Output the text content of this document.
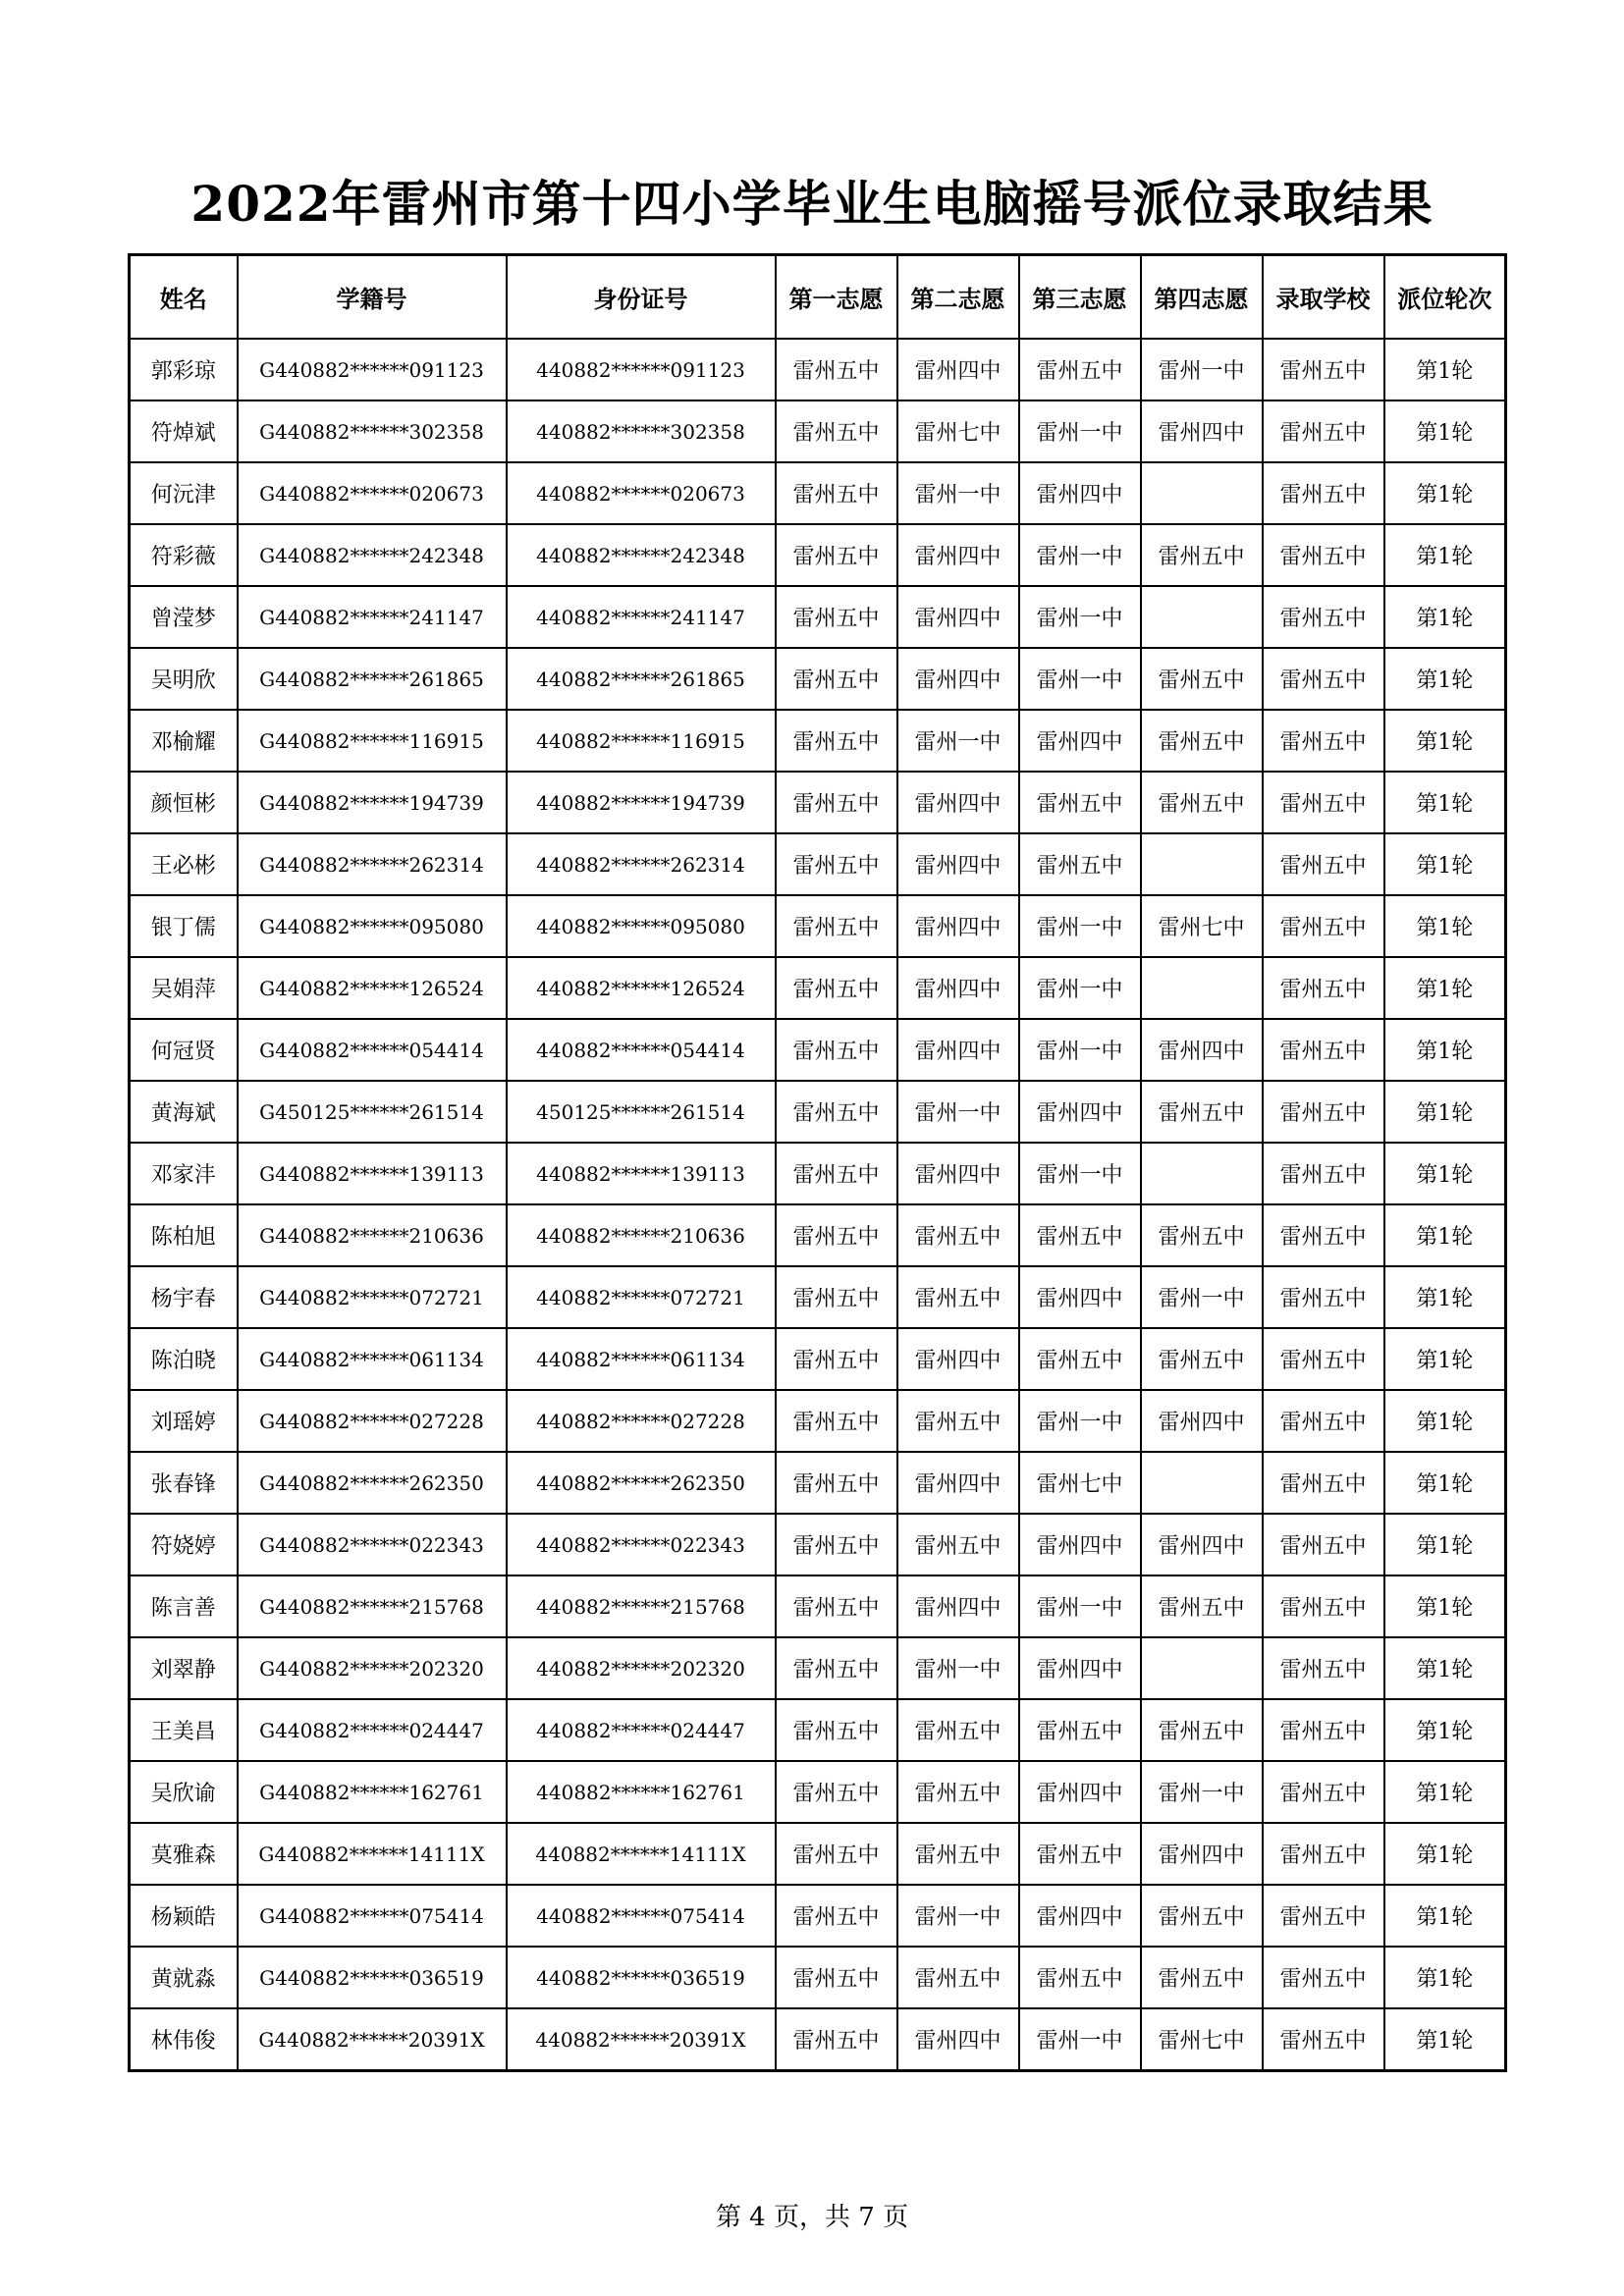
2022年雷州市第十四小学毕业生电脑摇号派位录取结果
姓名	学籍号	身份证号	第一志愿	第二志愿	第三志愿	第四志愿	录取学校	派位轮次
郭彩琼	G440882******091123	440882******091123	雷州五中	雷州四中	雷州五中	雷州一中	雷州五中	第1轮
符焯斌	G440882******302358	440882******302358	雷州五中	雷州七中	雷州一中	雷州四中	雷州五中	第1轮
何沅津	G440882******020673	440882******020673	雷州五中	雷州一中	雷州四中		雷州五中	第1轮
符彩薇	G440882******242348	440882******242348	雷州五中	雷州四中	雷州一中	雷州五中	雷州五中	第1轮
曾滢梦	G440882******241147	440882******241147	雷州五中	雷州四中	雷州一中		雷州五中	第1轮
吴明欣	G440882******261865	440882******261865	雷州五中	雷州四中	雷州一中	雷州五中	雷州五中	第1轮
邓榆耀	G440882******116915	440882******116915	雷州五中	雷州一中	雷州四中	雷州五中	雷州五中	第1轮
颜恒彬	G440882******194739	440882******194739	雷州五中	雷州四中	雷州五中	雷州五中	雷州五中	第1轮
王必彬	G440882******262314	440882******262314	雷州五中	雷州四中	雷州五中		雷州五中	第1轮
银丁儒	G440882******095080	440882******095080	雷州五中	雷州四中	雷州一中	雷州七中	雷州五中	第1轮
吴娟萍	G440882******126524	440882******126524	雷州五中	雷州四中	雷州一中		雷州五中	第1轮
何冠贤	G440882******054414	440882******054414	雷州五中	雷州四中	雷州一中	雷州四中	雷州五中	第1轮
黄海斌	G450125******261514	450125******261514	雷州五中	雷州一中	雷州四中	雷州五中	雷州五中	第1轮
邓家沣	G440882******139113	440882******139113	雷州五中	雷州四中	雷州一中		雷州五中	第1轮
陈柏旭	G440882******210636	440882******210636	雷州五中	雷州五中	雷州五中	雷州五中	雷州五中	第1轮
杨宇春	G440882******072721	440882******072721	雷州五中	雷州五中	雷州四中	雷州一中	雷州五中	第1轮
陈泊晓	G440882******061134	440882******061134	雷州五中	雷州四中	雷州五中	雷州五中	雷州五中	第1轮
刘瑶婷	G440882******027228	440882******027228	雷州五中	雷州五中	雷州一中	雷州四中	雷州五中	第1轮
张春锋	G440882******262350	440882******262350	雷州五中	雷州四中	雷州七中		雷州五中	第1轮
符娆婷	G440882******022343	440882******022343	雷州五中	雷州五中	雷州四中	雷州四中	雷州五中	第1轮
陈言善	G440882******215768	440882******215768	雷州五中	雷州四中	雷州一中	雷州五中	雷州五中	第1轮
刘翠静	G440882******202320	440882******202320	雷州五中	雷州一中	雷州四中		雷州五中	第1轮
王美昌	G440882******024447	440882******024447	雷州五中	雷州五中	雷州五中	雷州五中	雷州五中	第1轮
吴欣谕	G440882******162761	440882******162761	雷州五中	雷州五中	雷州四中	雷州一中	雷州五中	第1轮
莫雅森	G440882******14111X	440882******14111X	雷州五中	雷州五中	雷州五中	雷州四中	雷州五中	第1轮
杨颖皓	G440882******075414	440882******075414	雷州五中	雷州一中	雷州四中	雷州五中	雷州五中	第1轮
黄就淼	G440882******036519	440882******036519	雷州五中	雷州五中	雷州五中	雷州五中	雷州五中	第1轮
林伟俊	G440882******20391X	440882******20391X	雷州五中	雷州四中	雷州一中	雷州七中	雷州五中	第1轮
第 4 页，共 7 页
